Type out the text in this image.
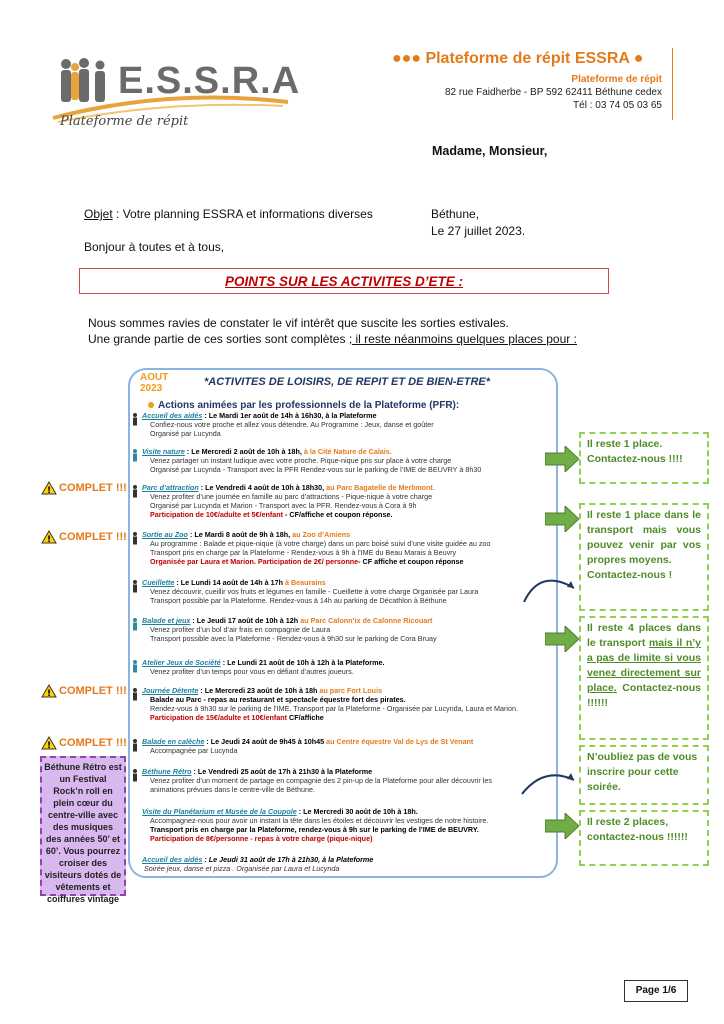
E.S.S.R.A
Plateforme de répit
●●● Plateforme de répit ESSRA ●
Plateforme de répit
82 rue Faidherbe - BP 592 62411 Béthune cedex
Tél : 03 74 05 03 65
Madame, Monsieur,
Objet : Votre planning ESSRA et informations diverses	Béthune,
Le 27 juillet 2023.
Bonjour à toutes et à tous,
POINTS SUR LES ACTIVITES D’ETE :
Nous sommes ravies de constater le vif intérêt que suscite les sorties estivales.
Une grande partie de ces sorties sont complètes ; il reste néanmoins quelques places pour :
AOUT
2023
*ACTIVITES DE LOISIRS, DE REPIT ET DE BIEN-ETRE*
Actions animées par les professionnels de la Plateforme (PFR):
Accueil des aidés : Le Mardi 1er août de 14h à 16h30, à la Plateforme
Confiez-nous votre proche et allez vous détendre. Au Programme : Jeux, danse et goûter
Organisé par Lucynda
Visite nature : Le Mercredi 2 août de 10h à 18h, à la Cité Nature de Calais.
Venez partager un instant ludique avec votre proche. Pique-nique pris sur place à votre charge
Organisé par Lucynda - Transport avec la PFR Rendez-vous sur le parking de l’IME de BEUVRY à 8h30
Parc d’attraction : Le Vendredi 4 août de 10h à 18h30, au Parc Bagatelle de Merlimont.
Venez profiter d’une journée en famille au parc d’attractions - Pique-nique à votre charge
Organisé par Lucynda et Marion - Transport avec la PFR. Rendez-vous à Cora à 9h
Participation de 10€/adulte et 5€/enfant - CF/affiche et coupon réponse.
Sortie au Zoo : Le Mardi 8 août de 9h à 18h, au Zoo d’Amiens
Au programme : Balade et pique-nique (à votre charge) dans un parc boisé suivi d’une visite guidée au zoo
Transport pris en charge par la Plateforme - Rendez-vous à 9h à l’IME du Beau Marais à Beuvry
Organisée par Laura et Marion. Participation de 2€/ personne- CF affiche et coupon réponse
Cueillette : Le Lundi 14 août de 14h à 17h à Beaurains
Venez découvrir, cueillir vos fruits et légumes en famille - Cueillette à votre charge Organisée par Laura
Transport possible par la Plateforme. Rendez-vous à 14h au parking de Décathlon à Béthune
Balade et jeux : Le Jeudi 17 août de 10h à 12h au Parc Calonn’ix de Calonne Ricouart
Venez profiter d’un bol d’air frais en compagnie de Laura
Transport possible avec la Plateforme - Rendez-vous à 9h30 sur le parking de Cora Bruay
Atelier Jeux de Société : Le Lundi 21 août de 10h à 12h à la Plateforme.
Venez profiter d’un temps pour vous en défiant d’autres joueurs.
Journée Détente : Le Mercredi 23 août de 10h à 18h au parc Fort Louis
Balade au Parc - repas au restaurant et spectacle équestre fort des pirates.
Rendez-vous à 9h30 sur le parking de l’IME. Transport par la Plateforme - Organisée par Lucynda, Laura et Marion.
Participation de 15€/adulte et 10€/enfant CF/affiche
Balade en calèche : Le Jeudi 24 août de 9h45 à 10h45 au Centre équestre Val de Lys de St Venant
Accompagnée par Lucynda
Béthune Rétro : Le Vendredi 25 août de 17h à 21h30 à la Plateforme
Venez profiter d’un moment de partage en compagnie des 2 pin-up de la Plateforme pour aller découvrir les
animations prévues dans le centre-ville de Béthune.
Visite du Planétarium et Musée de la Coupole : Le Mercredi 30 août de 10h à 18h.
Accompagnez-nous pour avoir un instant la tête dans les étoiles et découvrir les vestiges de notre histoire.
Transport pris en charge par la Plateforme, rendez-vous à 9h sur le parking de l’IME de BEUVRY.
Participation de 8€/personne - repas à votre charge (pique-nique)
Accueil des aidés : Le Jeudi 31 août de 17h à 21h30, à la Plateforme
Soirée jeux, danse et pizza . Organisée par Laura et Lucynda
! COMPLET !!!
! COMPLET !!!
! COMPLET !!!
! COMPLET !!!
Il reste 1 place. Contactez-nous !!!!
Il reste 1 place dans le transport mais vous pouvez venir par vos propres moyens.
Contactez-nous !
Il reste 4 places dans le transport mais il n’y a pas de limite si vous venez directement sur place. Contactez-nous !!!!!!
N’oubliez pas de vous inscrire pour cette soirée.
Il reste 2 places, contactez-nous !!!!!!
Béthune Rétro est un Festival Rock’n roll en plein cœur du centre-ville avec des musiques des années 50’ et 60’. Vous pourrez croiser des visiteurs dotés de vêtements et coiffures vintage
Page 1/6
